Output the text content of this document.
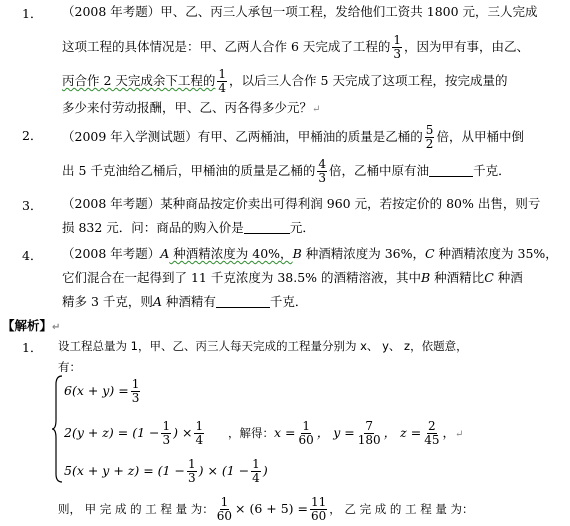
1． （2008 年考题）甲、乙、丙三人承包一项工程，发给他们工资共 1800 元，三人完成
这项工程的具体情况是：甲、乙两人合作 6 天完成了工程的 $\frac{1}{3}$ ，因为甲有事，由乙、
丙合作 2 天完成余下工程的 $\frac{1}{4}$ ，以后三人合作 5 天完成了这项工程，按完成量的
多少来付劳动报酬，甲、乙、丙各得多少元？↵
2． （2009 年入学测试题）有甲、乙两桶油，甲桶油的质量是乙桶的 $\frac{5}{2}$ 倍，从甲桶中倒
出 5 千克油给乙桶后，甲桶油的质量是乙桶的 $\frac{4}{3}$ 倍，乙桶中原有油	千克．
3． （2008 年考题）某种商品按定价卖出可得利润 960 元，若按定价的 80% 出售，则亏
损 832 元．问：商品的购入价是	元．
4． （2008 年考题）A 种酒精浓度为 40%，B 种酒精浓度为 36%，C 种酒精浓度为 35%，
它们混合在一起得到了 11 千克浓度为 38.5% 的酒精溶液，其中B 种酒精比C 种酒
精多 3 千克，则A 种酒精有	千克．
【解析】↵
1． 设工程总量为 1，甲、乙、丙三人每天完成的工程量分别为 x、 y、 z，依题意，
有：
$6(x + y) = \frac{1}{3}$
$2(y + z) = (1 - \frac{1}{3}$ ) × $\frac{1}{4}$
$5(x + y + z) = (1 - \frac{1}{3}$ ) × ($1 - \frac{1}{4}$ )
，解得：$x = \frac{1}{60}$ ， $y = \frac{7}{180}$ ， $z = \frac{2}{45}$ ，↵
则， 甲 完 成 的 工 程 量 为： $\frac{1}{60} \times (6 + 5) = \frac{11}{60}$ ， 乙 完 成 的 工 程 量 为：
